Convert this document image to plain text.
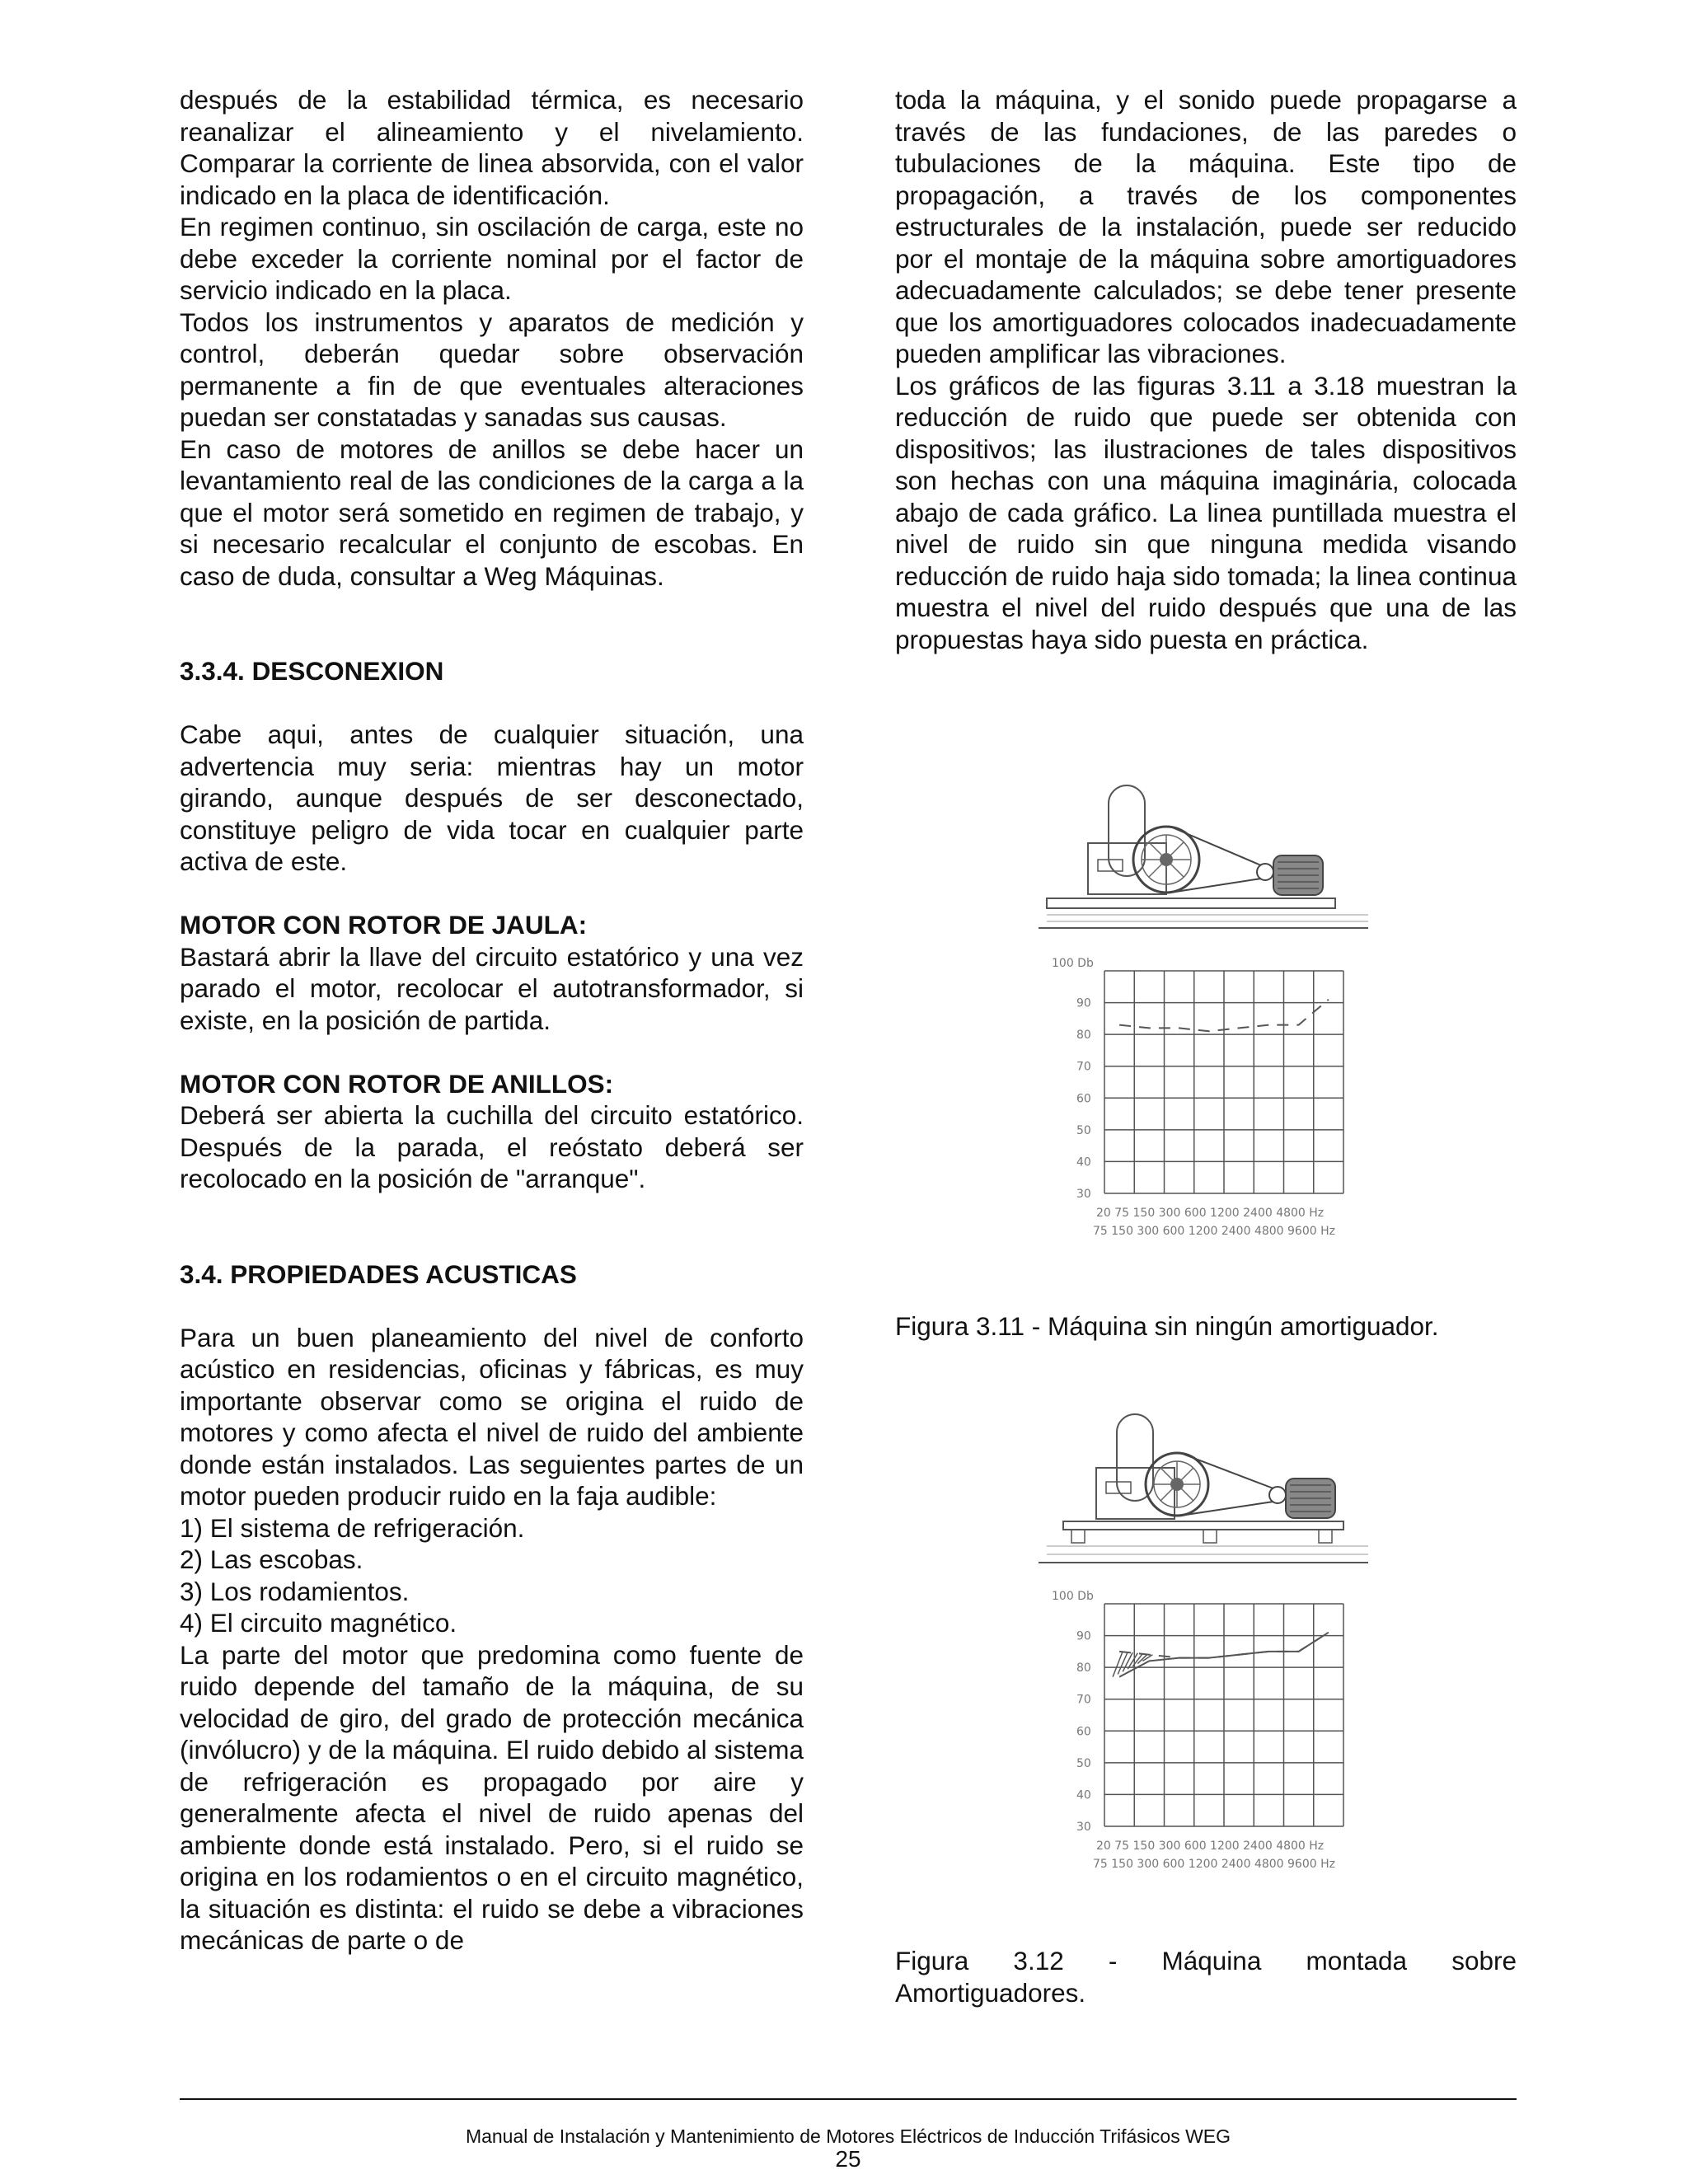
después de la estabilidad térmica, es necesario reanalizar el alineamiento y el nivelamiento. Comparar la corriente de linea absorvida, con el valor indicado en la placa de identificación.

En regimen continuo, sin oscilación de carga, este no debe exceder la corriente nominal por el factor de servicio indicado en la placa.

Todos los instrumentos y aparatos de medición y control, deberán quedar sobre observación permanente a fin de que eventuales alteraciones puedan ser constatadas y sanadas sus causas.

En caso de motores de anillos se debe hacer un levantamiento real de las condiciones de la carga a la que el motor será sometido en regimen de trabajo, y si necesario recalcular el conjunto de escobas. En caso de duda, consultar a Weg Máquinas.

3.3.4. DESCONEXION

Cabe aqui, antes de cualquier situación, una advertencia muy seria: mientras hay un motor girando, aunque después de ser desconectado, constituye peligro de vida tocar en cualquier parte activa de este.

MOTOR CON ROTOR DE JAULA:

Bastará abrir la llave del circuito estatórico y una vez parado el motor, recolocar el autotransformador, si existe, en la posición de partida.

MOTOR CON ROTOR DE ANILLOS:

Deberá ser abierta la cuchilla del circuito estatórico. Después de la parada, el reóstato deberá ser recolocado en la posición de "arranque".

3.4. PROPIEDADES ACUSTICAS

Para un buen planeamiento del nivel de conforto acústico en residencias, oficinas y fábricas, es muy importante observar como se origina el ruido de motores y como afecta el nivel de ruido del ambiente donde están instalados. Las seguientes partes de un motor pueden producir ruido en la faja audible:

1) El sistema de refrigeración.

2) Las escobas.

3) Los rodamientos.

4) El circuito magnético.

La parte del motor que predomina como fuente de ruido depende del tamaño de la máquina, de su velocidad de giro, del grado de protección mecánica (invólucro) y de la máquina. El ruido debido al sistema de refrigeración es propagado por aire y generalmente afecta el nivel de ruido apenas del ambiente donde está instalado. Pero, si el ruido se origina en los rodamientos o en el circuito magnético, la situación es distinta: el ruido se debe a vibraciones mecánicas de parte o de

toda la máquina, y el sonido puede propagarse a través de las fundaciones, de las paredes o tubulaciones de la máquina. Este tipo de propagación, a través de los componentes estructurales de la instalación, puede ser reducido por el montaje de la máquina sobre amortiguadores adecuadamente calculados; se debe tener presente que los amortiguadores colocados inadecuadamente pueden amplificar las vibraciones.

Los gráficos de las figuras 3.11 a 3.18 muestran la reducción de ruido que puede ser obtenida con dispositivos; las ilustraciones de tales dispositivos son hechas con una máquina imaginária, colocada abajo de cada gráfico. La linea puntillada muestra el nivel de ruido sin que ninguna medida visando reducción de ruido haja sido tomada; la linea continua muestra el nivel del ruido después que una de las propuestas haya sido puesta en práctica.

100 Db
90
80
70
60
50
40
30
20 75 150 300 600 1200 2400 4800 Hz
75 150 300 600 1200 2400 4800 9600 Hz

Figura 3.11 - Máquina sin ningún amortiguador.

100 Db
90
80
70
60
50
40
30
20 75 150 300 600 1200 2400 4800 Hz
75 150 300 600 1200 2400 4800 9600 Hz

Figura 3.12 - Máquina montada sobre Amortiguadores.

Manual de Instalación y Mantenimiento de Motores Eléctricos de Inducción Trifásicos WEG

25
